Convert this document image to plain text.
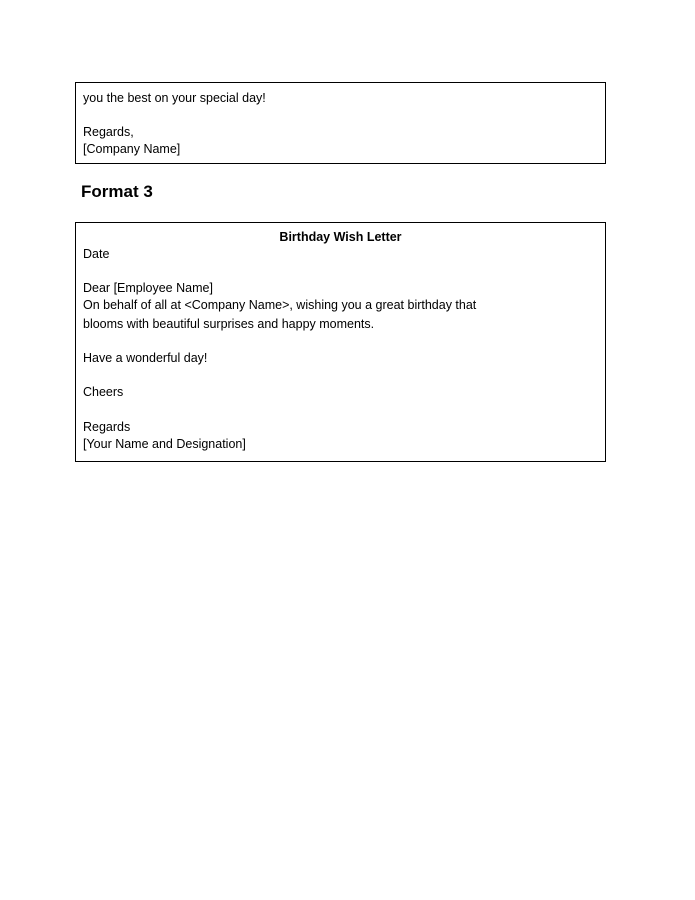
you the best on your special day!
Regards,
[Company Name]
Format 3
Birthday Wish Letter
Date
Dear [Employee Name]
On behalf of all at <Company Name>, wishing you a great birthday that
blooms with beautiful surprises and happy moments.
Have a wonderful day!
Cheers
Regards
[Your Name and Designation]
